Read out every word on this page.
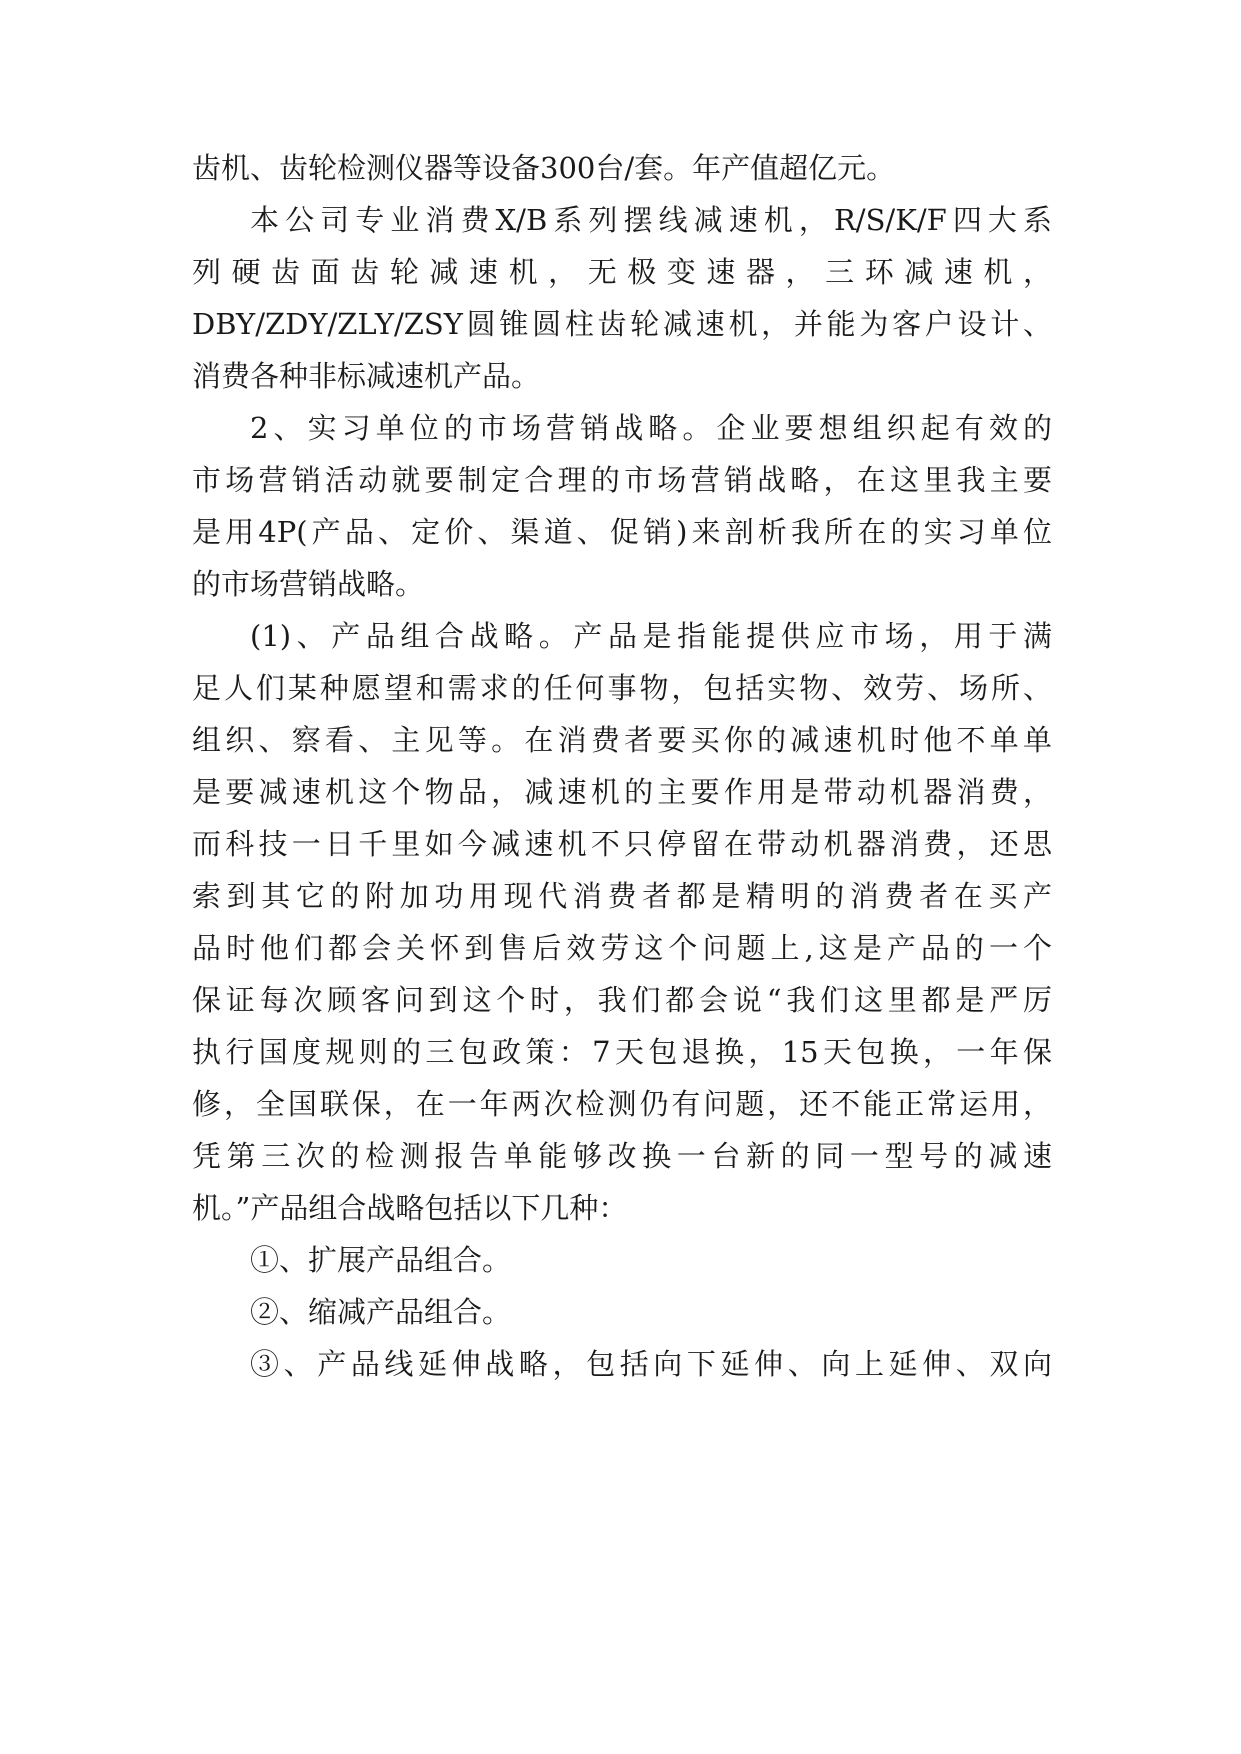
齿机、齿轮检测仪器等设备300台/套。年产值超亿元。
本公司专业消费X/B系列摆线减速机，R/S/K/F四大系
列硬齿面齿轮减速机，无极变速器，三环减速机，
DBY/ZDY/ZLY/ZSY圆锥圆柱齿轮减速机，并能为客户设计、
消费各种非标减速机产品。
2、实习单位的市场营销战略。企业要想组织起有效的
市场营销活动就要制定合理的市场营销战略，在这里我主要
是用4P(产品、定价、渠道、促销)来剖析我所在的实习单位
的市场营销战略。
(1)、产品组合战略。产品是指能提供应市场，用于满
足人们某种愿望和需求的任何事物，包括实物、效劳、场所、
组织、察看、主见等。在消费者要买你的减速机时他不单单
是要减速机这个物品，减速机的主要作用是带动机器消费，
而科技一日千里如今减速机不只停留在带动机器消费，还思
索到其它的附加功用现代消费者都是精明的消费者在买产
品时他们都会关怀到售后效劳这个问题上,这是产品的一个
保证每次顾客问到这个时，我们都会说“我们这里都是严厉
执行国度规则的三包政策：7天包退换，15天包换，一年保
修，全国联保，在一年两次检测仍有问题，还不能正常运用，
凭第三次的检测报告单能够改换一台新的同一型号的减速
机。”产品组合战略包括以下几种：
①、扩展产品组合。
②、缩减产品组合。
③、产品线延伸战略，包括向下延伸、向上延伸、双向
